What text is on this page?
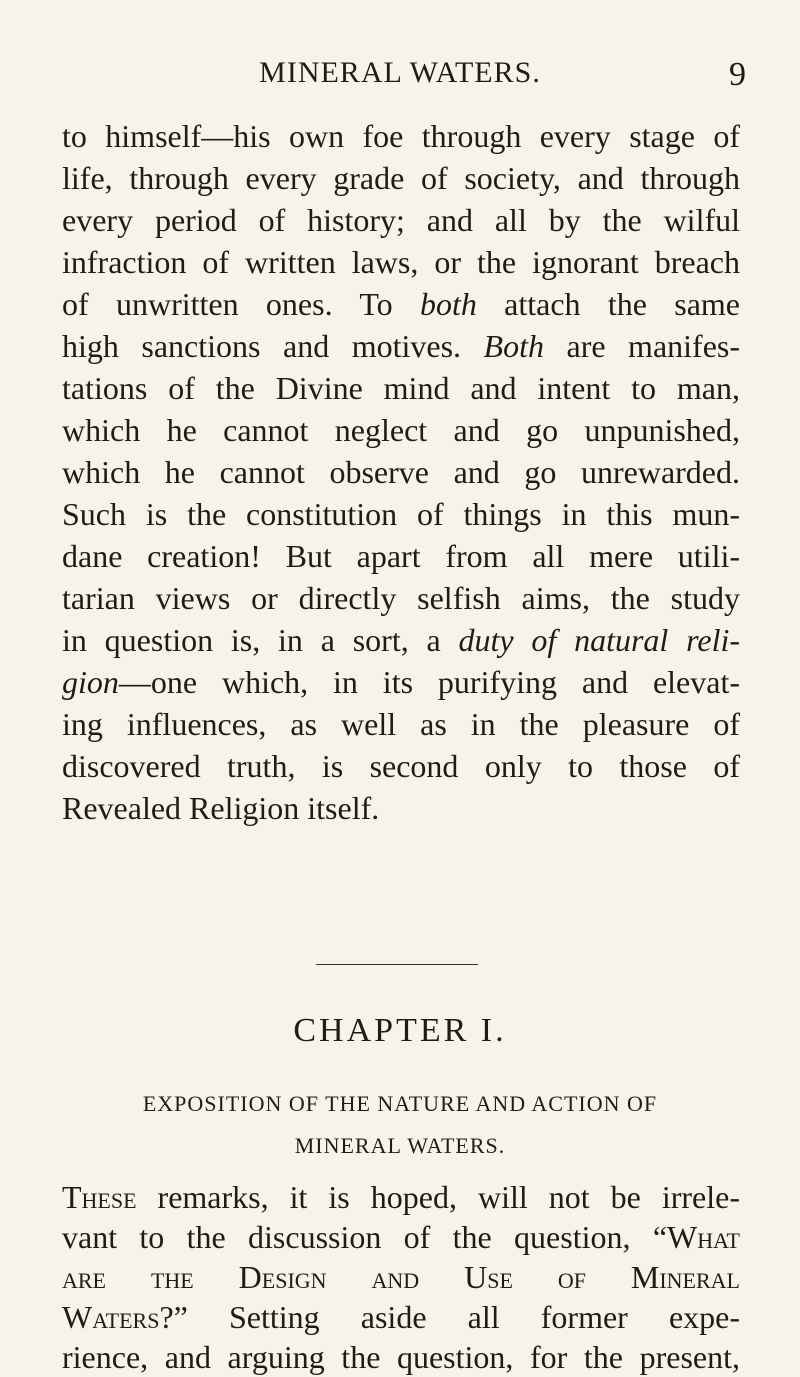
MINERAL WATERS.	9
to himself—his own foe through every stage of
life, through every grade of society, and through
every period of history; and all by the wilful
infraction of written laws, or the ignorant breach
of unwritten ones. To both attach the same
high sanctions and motives. Both are manifes-
tations of the Divine mind and intent to man,
which he cannot neglect and go unpunished,
which he cannot observe and go unrewarded.
Such is the constitution of things in this mun-
dane creation! But apart from all mere utili-
tarian views or directly selfish aims, the study
in question is, in a sort, a duty of natural reli-
gion—one which, in its purifying and elevat-
ing influences, as well as in the pleasure of
discovered truth, is second only to those of
Revealed Religion itself.
CHAPTER I.
EXPOSITION OF THE NATURE AND ACTION OF
MINERAL WATERS.
These remarks, it is hoped, will not be irrele-
vant to the discussion of the question, “What
are the Design and Use of Mineral
Waters?” Setting aside all former expe-
rience, and arguing the question, for the present,
